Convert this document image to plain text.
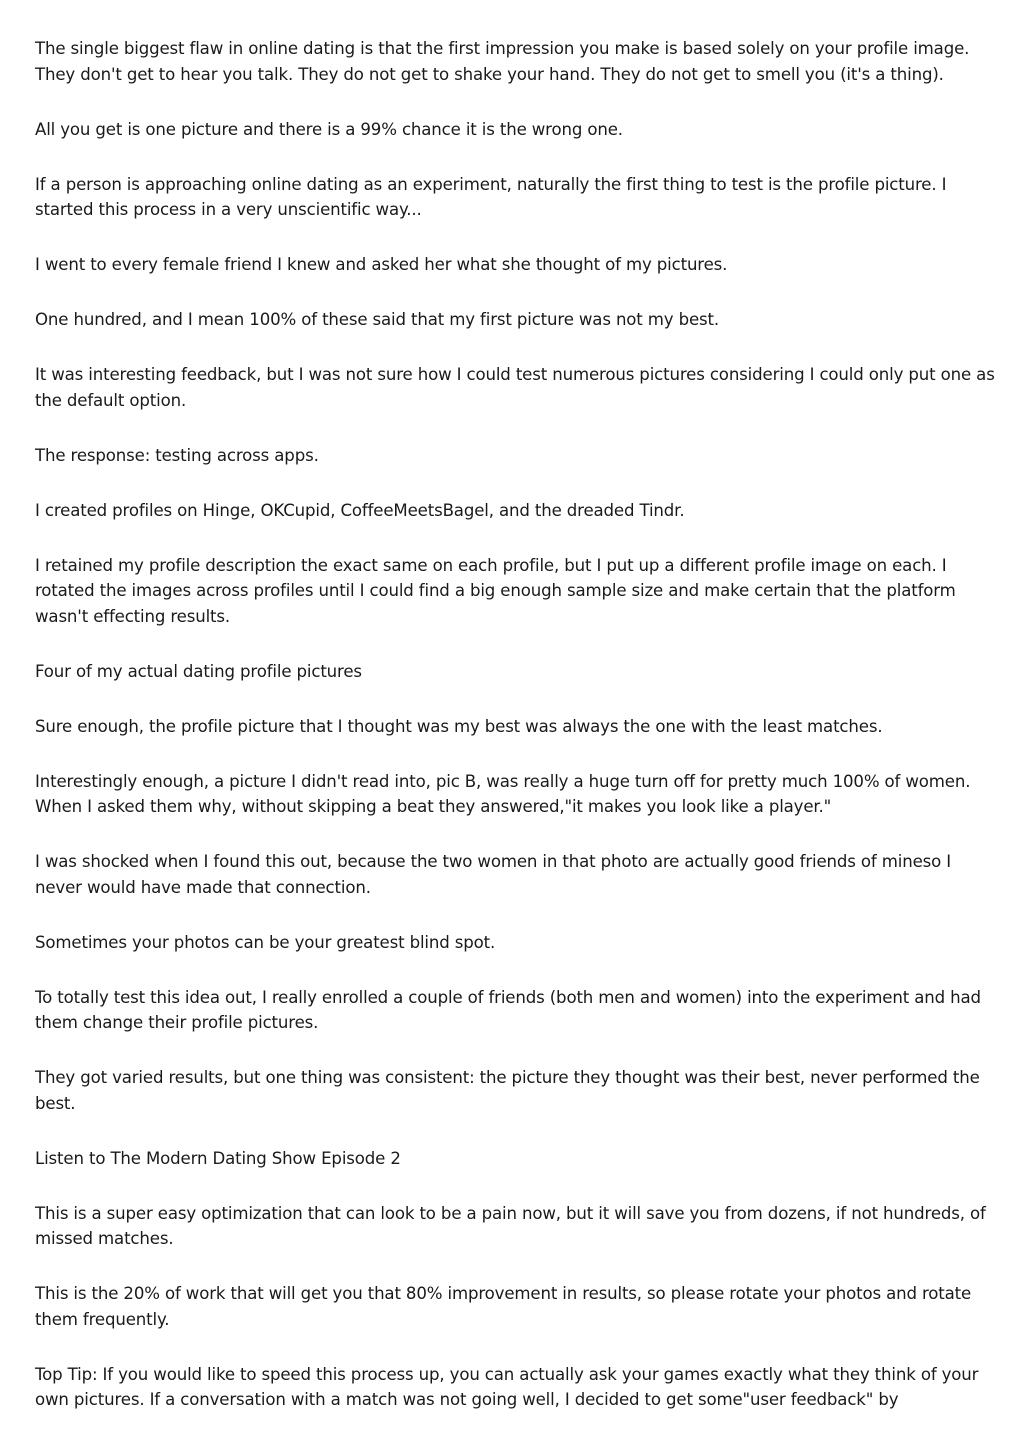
The single biggest flaw in online dating is that the first impression you make is based solely on your profile image. They don't get to hear you talk. They do not get to shake your hand. They do not get to smell you (it's a thing).

All you get is one picture and there is a 99% chance it is the wrong one.

If a person is approaching online dating as an experiment, naturally the first thing to test is the profile picture. I started this process in a very unscientific way...

I went to every female friend I knew and asked her what she thought of my pictures.

One hundred, and I mean 100% of these said that my first picture was not my best.

It was interesting feedback, but I was not sure how I could test numerous pictures considering I could only put one as the default option.

The response: testing across apps.

I created profiles on Hinge, OKCupid, CoffeeMeetsBagel, and the dreaded Tindr.

I retained my profile description the exact same on each profile, but I put up a different profile image on each. I rotated the images across profiles until I could find a big enough sample size and make certain that the platform wasn't effecting results.

Four of my actual dating profile pictures

Sure enough, the profile picture that I thought was my best was always the one with the least matches.

Interestingly enough, a picture I didn't read into, pic B, was really a huge turn off for pretty much 100% of women. When I asked them why, without skipping a beat they answered,"it makes you look like a player."

I was shocked when I found this out, because the two women in that photo are actually good friends of mineso I never would have made that connection.

Sometimes your photos can be your greatest blind spot.

To totally test this idea out, I really enrolled a couple of friends (both men and women) into the experiment and had them change their profile pictures.

They got varied results, but one thing was consistent: the picture they thought was their best, never performed the best.

Listen to The Modern Dating Show Episode 2

This is a super easy optimization that can look to be a pain now, but it will save you from dozens, if not hundreds, of missed matches.

This is the 20% of work that will get you that 80% improvement in results, so please rotate your photos and rotate them frequently.

Top Tip: If you would like to speed this process up, you can actually ask your games exactly what they think of your own pictures. If a conversation with a match was not going well, I decided to get some"user feedback" by
